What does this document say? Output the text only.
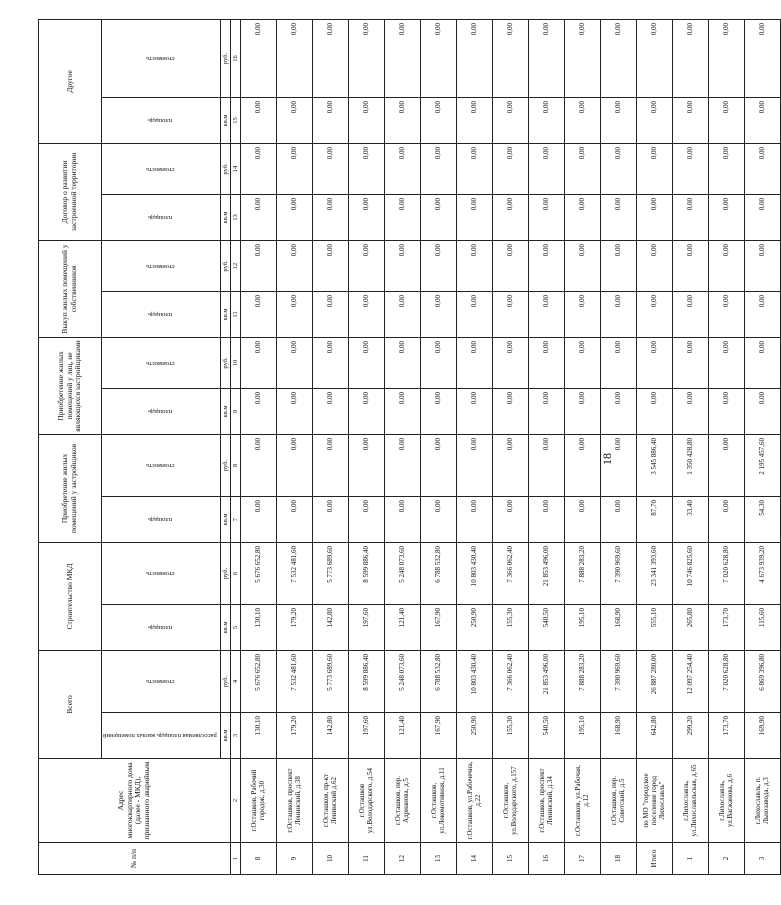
№ п/п	Адрес многоквартирного дома (далее - МКД), признанного аварийным	Всего		Строительство МКД		Приобретение жилых помещений у застройщиков		Приобретение жилых помещений у лиц, не являющихся застройщиками		Выкуп жилых помещений у собственников		Договор о развитии застроенной территории		Другое	
		расселяемая площадь жилых помещений	стоимость	площадь	стоимость	площадь	стоимость	площадь	стоимость	площадь	стоимость	площадь	стоимость	площадь	стоимость
		кв.м	руб.	кв.м	руб.	кв.м	руб.	кв.м	руб.	кв.м	руб.	кв.м	руб.	кв.м	руб.
1	2	3	4	5	6	7	8	9	10	11	12	13	14	15	16
8	г.Осташков, Рабочий городок, д.30	130,10	5 676 652,80	130,10	5 676 652,80	0,00	0,00	0,00	0,00	0,00	0,00	0,00	0,00	0,00	0,00
9	г.Осташков, проспект Ленинский, д.38	179,20	7 532 481,60	179,20	7 532 481,60	0,00	0,00	0,00	0,00	0,00	0,00	0,00	0,00	0,00	0,00
10	г.Осташков, пр-кт Ленинский д.62	142,80	5 773 689,60	142,80	5 773 689,60	0,00	0,00	0,00	0,00	0,00	0,00	0,00	0,00	0,00	0,00
11	г.Осташков ул.Володарского, д.54	197,60	8 599 886,40	197,60	8 599 886,40	0,00	0,00	0,00	0,00	0,00	0,00	0,00	0,00	0,00	0,00
12	г.Осташков, пер. Адрианова, д.5	121,40	5 248 073,60	121,40	5 248 073,60	0,00	0,00	0,00	0,00	0,00	0,00	0,00	0,00	0,00	0,00
13	г.Осташков, ул.Локомотивная, д.11	167,90	6 788 532,80	167,90	6 788 532,80	0,00	0,00	0,00	0,00	0,00	0,00	0,00	0,00	0,00	0,00
14	г.Осташков, ул.Рабочечна, д.22	250,90	10 803 430,40	250,90	10 803 430,40	0,00	0,00	0,00	0,00	0,00	0,00	0,00	0,00	0,00	0,00
15	г.Осташков, ул.Володарского, д.157	155,30	7 366 062,40	155,30	7 366 062,40	0,00	0,00	0,00	0,00	0,00	0,00	0,00	0,00	0,00	0,00
16	г.Осташков, проспект Ленинский, д.34	540,50	21 853 496,00	540,50	21 853 496,00	0,00	0,00	0,00	0,00	0,00	0,00	0,00	0,00	0,00	0,00
17	г.Осташков, ул.Рабочая, д.12	195,10	7 888 283,20	195,10	7 888 283,20	0,00	0,00	0,00	0,00	0,00	0,00	0,00	0,00	0,00	0,00
18	г.Осташков, пер. Советский, д.5	168,90	7 390 969,60	168,90	7 390 969,60	0,00	0,00	0,00	0,00	0,00	0,00	0,00	0,00	0,00	0,00
Итого	по МО "городское поселение город Лихославль"	642,80	26 887 280,00	555,10	23 341 393,60	87,70	3 545 886,40	0,00	0,00	0,00	0,00	0,00	0,00	0,00	0,00
1	г.Лихославль, ул.Лихославльская, д.65	299,20	12 097 254,40	265,80	10 746 825,60	33,40	1 350 428,80	0,00	0,00	0,00	0,00	0,00	0,00	0,00	0,00
2	г.Лихославль, ул.Вагжанова, д.6	173,70	7 020 628,80	173,70	7 020 628,80	0,00	0,00	0,00	0,00	0,00	0,00	0,00	0,00	0,00	0,00
3	г.Лихославль, п. Льнозавода, д.3	169,90	6 869 396,80	115,60	4 673 939,20	54,30	2 195 457,60	0,00	0,00	0,00	0,00	0,00	0,00	0,00	0,00
18
